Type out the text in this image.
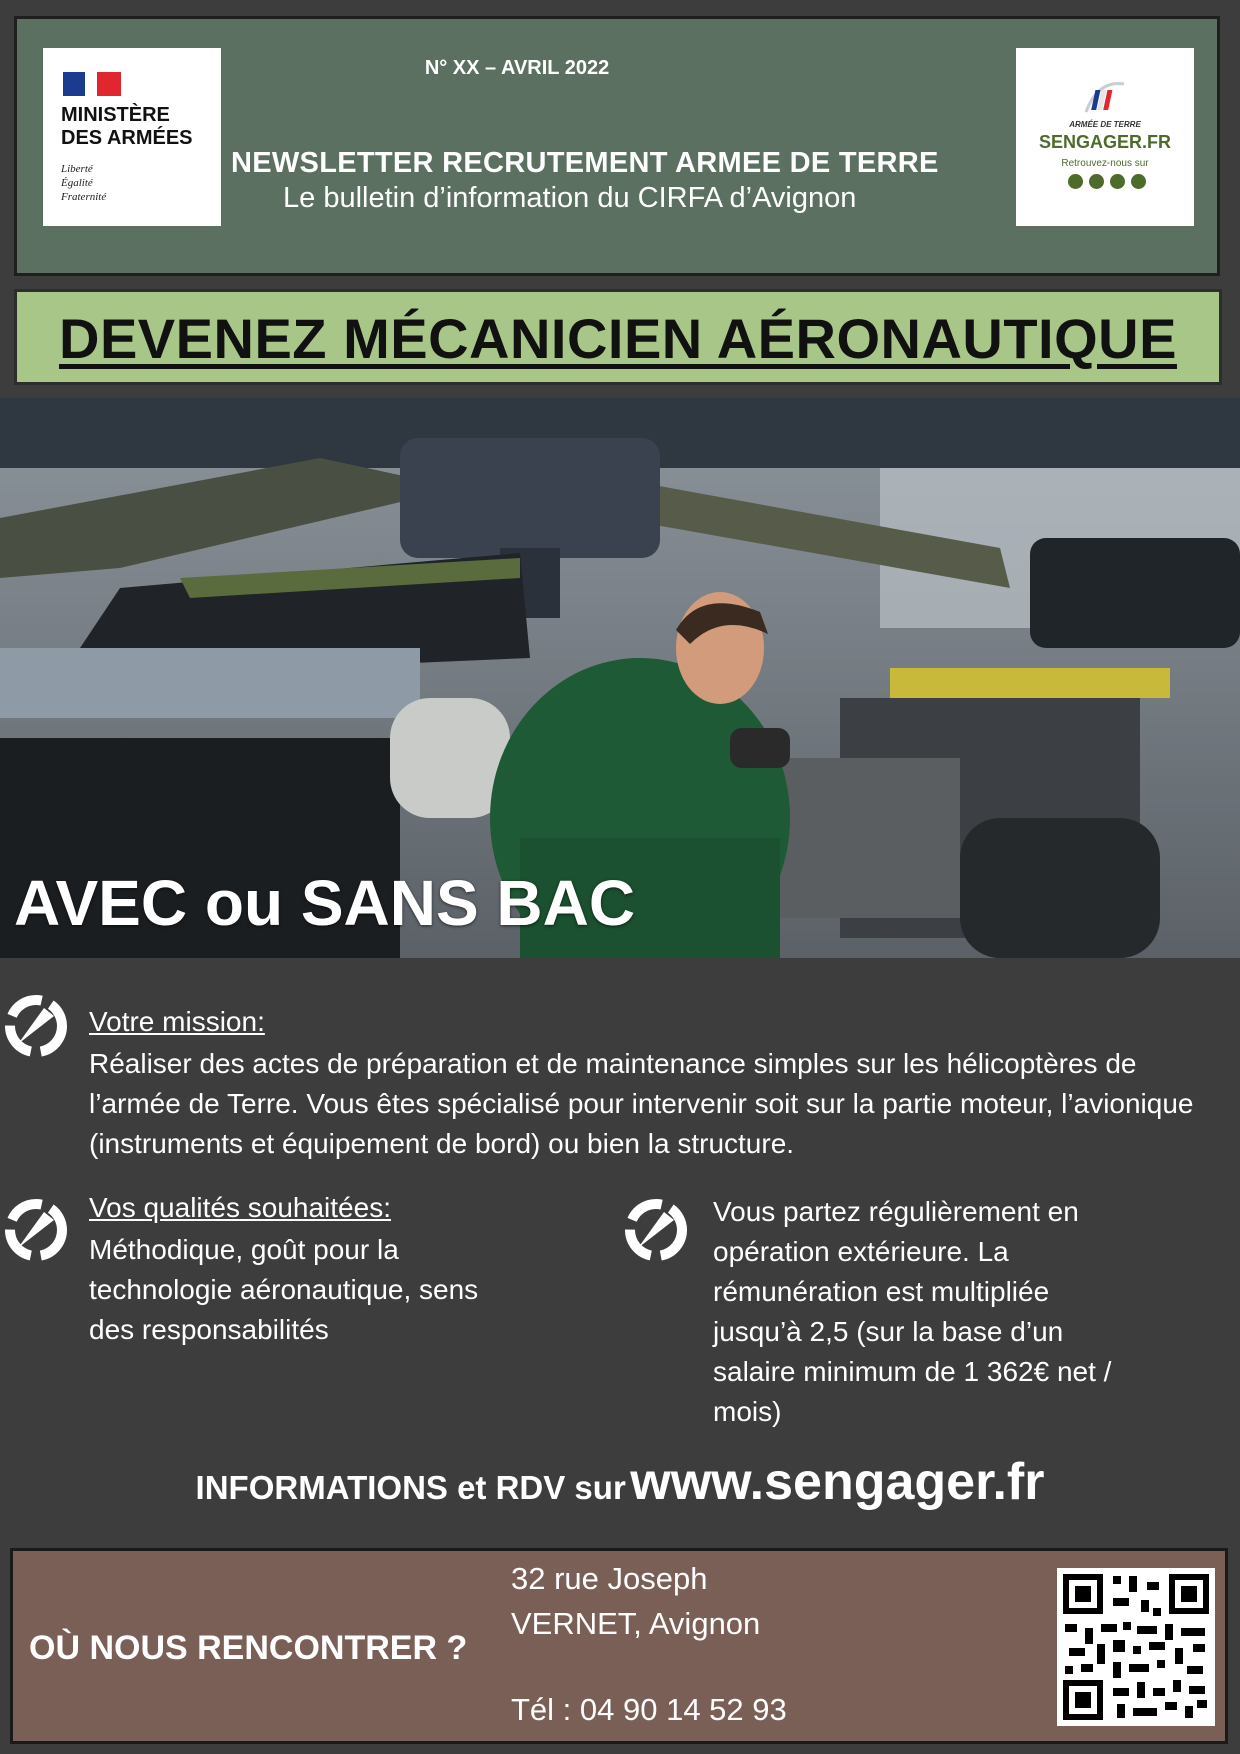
MINISTÈRE
DES ARMÉES
Liberté
Égalité
Fraternité
N° XX – AVRIL 2022
NEWSLETTER RECRUTEMENT ARMEE DE TERRE
Le bulletin d’information du CIRFA d’Avignon
ARMÉE DE TERRE
SENGAGER.FR
Retrouvez-nous sur
DEVENEZ MÉCANICIEN AÉRONAUTIQUE
AVEC ou SANS BAC
Votre mission:
Réaliser des actes de préparation et de maintenance simples sur les hélicoptères de l’armée de Terre. Vous êtes spécialisé pour intervenir soit sur la partie moteur, l’avionique (instruments et équipement de bord) ou bien la structure.
Vos qualités souhaitées:
Méthodique, goût pour la technologie aéronautique, sens des responsabilités
Vous partez régulièrement en opération extérieure. La rémunération est multipliée jusqu’à 2,5 (sur la base d’un salaire minimum de 1 362€ net / mois)
INFORMATIONS et RDV sur www.sengager.fr
OÙ NOUS RENCONTRER ?
32 rue Joseph
VERNET, Avignon
Tél : 04 90 14 52 93
